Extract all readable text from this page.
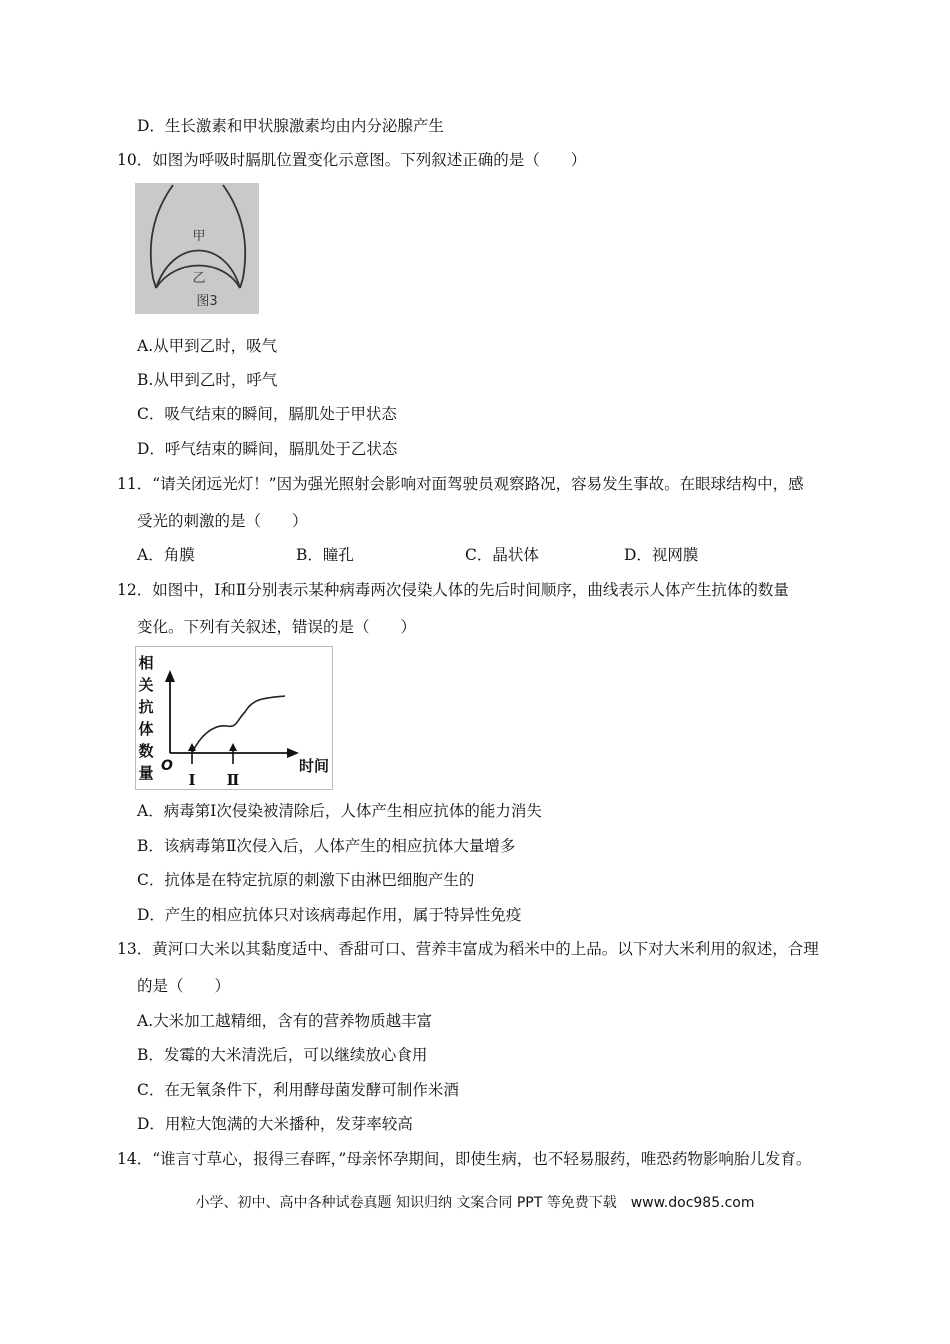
D．生长激素和甲状腺激素均由内分泌腺产生
10．如图为呼吸时膈肌位置变化示意图。下列叙述正确的是（　　）
甲
乙
图3
A.从甲到乙时，吸气
B.从甲到乙时，呼气
C．吸气结束的瞬间，膈肌处于甲状态
D．呼气结束的瞬间，膈肌处于乙状态
11．“请关闭远光灯！”因为强光照射会影响对面驾驶员观察路况，容易发生事故。在眼球结构中，感
受光的刺激的是（　　）
A．角膜	B．瞳孔	C．晶状体	D．视网膜
12．如图中，Ⅰ和Ⅱ分别表示某种病毒两次侵染人体的先后时间顺序，曲线表示人体产生抗体的数量
变化。下列有关叙述，错误的是（　　）
相
关
抗
体
数
量 O	时间
Ⅰ Ⅱ
A．病毒第Ⅰ次侵染被清除后，人体产生相应抗体的能力消失
B．该病毒第Ⅱ次侵入后，人体产生的相应抗体大量增多
C．抗体是在特定抗原的刺激下由淋巴细胞产生的
D．产生的相应抗体只对该病毒起作用，属于特异性免疫
13．黄河口大米以其黏度适中、香甜可口、营养丰富成为稻米中的上品。以下对大米利用的叙述，合理
的是（　　）
A.大米加工越精细，含有的营养物质越丰富
B．发霉的大米清洗后，可以继续放心食用
C．在无氧条件下，利用酵母菌发酵可制作米酒
D．用粒大饱满的大米播种，发芽率较高
14．“谁言寸草心，报得三春晖，”母亲怀孕期间，即使生病，也不轻易服药，唯恐药物影响胎儿发育。
小学、初中、高中各种试卷真题 知识归纳 文案合同 PPT 等免费下载　www.doc985.com
